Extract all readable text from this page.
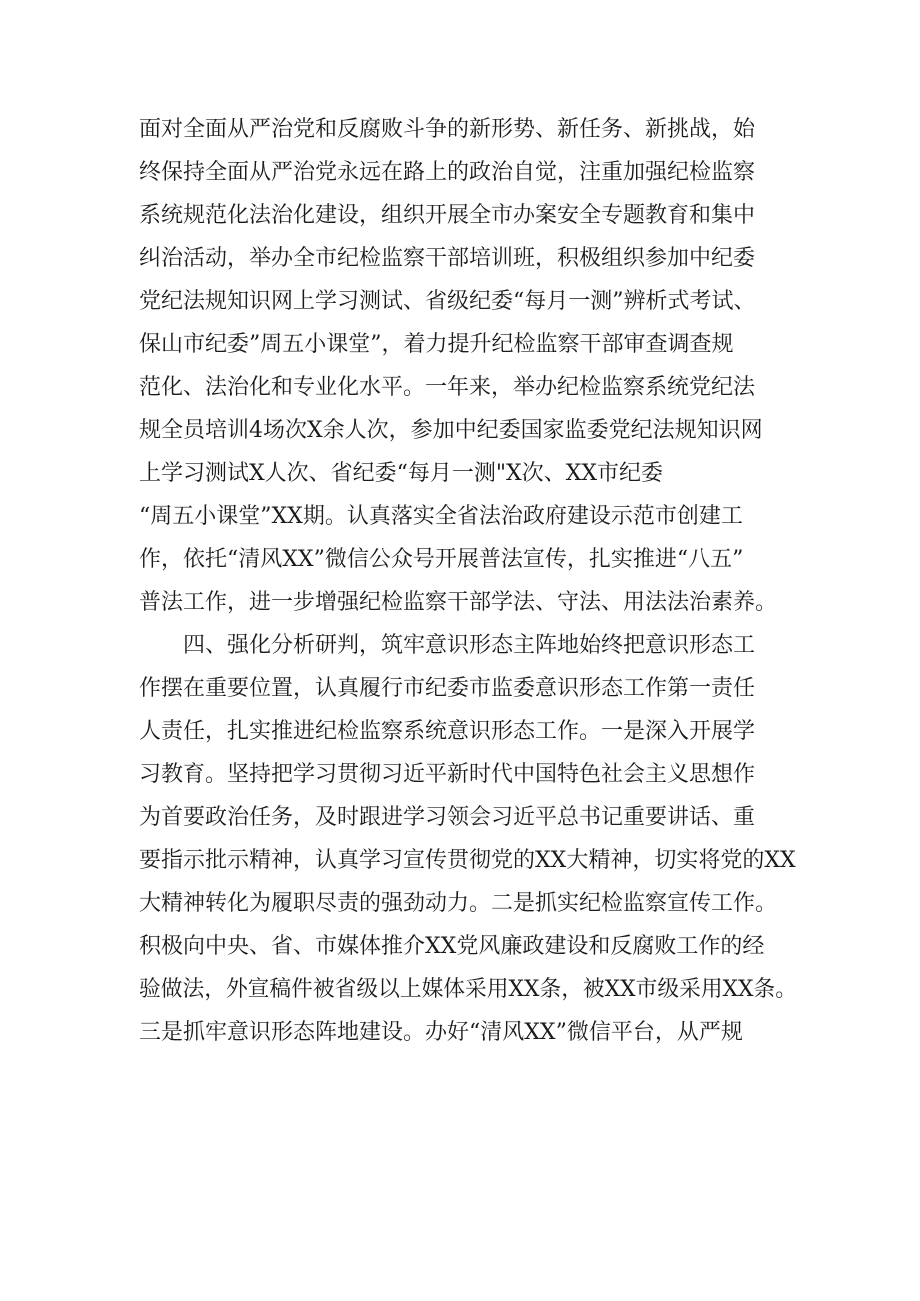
面对全面从严治党和反腐败斗争的新形势、新任务、新挑战，始
终保持全面从严治党永远在路上的政治自觉，注重加强纪检监察
系统规范化法治化建设，组织开展全市办案安全专题教育和集中
纠治活动，举办全市纪检监察干部培训班，积极组织参加中纪委
党纪法规知识网上学习测试、省级纪委“每月一测”辨析式考试、
保山市纪委”周五小课堂”，着力提升纪检监察干部审查调查规
范化、法治化和专业化水平。一年来，举办纪检监察系统党纪法
规全员培训4场次X余人次，参加中纪委国家监委党纪法规知识网
上学习测试X人次、省纪委“每月一测"X次、XX市纪委
“周五小课堂”XX期。认真落实全省法治政府建设示范市创建工
作，依托“清风XX”微信公众号开展普法宣传，扎实推进“八五”
普法工作，进一步增强纪检监察干部学法、守法、用法法治素养。
　　四、强化分析研判，筑牢意识形态主阵地始终把意识形态工
作摆在重要位置，认真履行市纪委市监委意识形态工作第一责任
人责任，扎实推进纪检监察系统意识形态工作。一是深入开展学
习教育。坚持把学习贯彻习近平新时代中国特色社会主义思想作
为首要政治任务，及时跟进学习领会习近平总书记重要讲话、重
要指示批示精神，认真学习宣传贯彻党的XX大精神，切实将党的XX
大精神转化为履职尽责的强劲动力。二是抓实纪检监察宣传工作。
积极向中央、省、市媒体推介XX党风廉政建设和反腐败工作的经
验做法，外宣稿件被省级以上媒体采用XX条，被XX市级采用XX条。
三是抓牢意识形态阵地建设。办好“清风XX”微信平台，从严规
